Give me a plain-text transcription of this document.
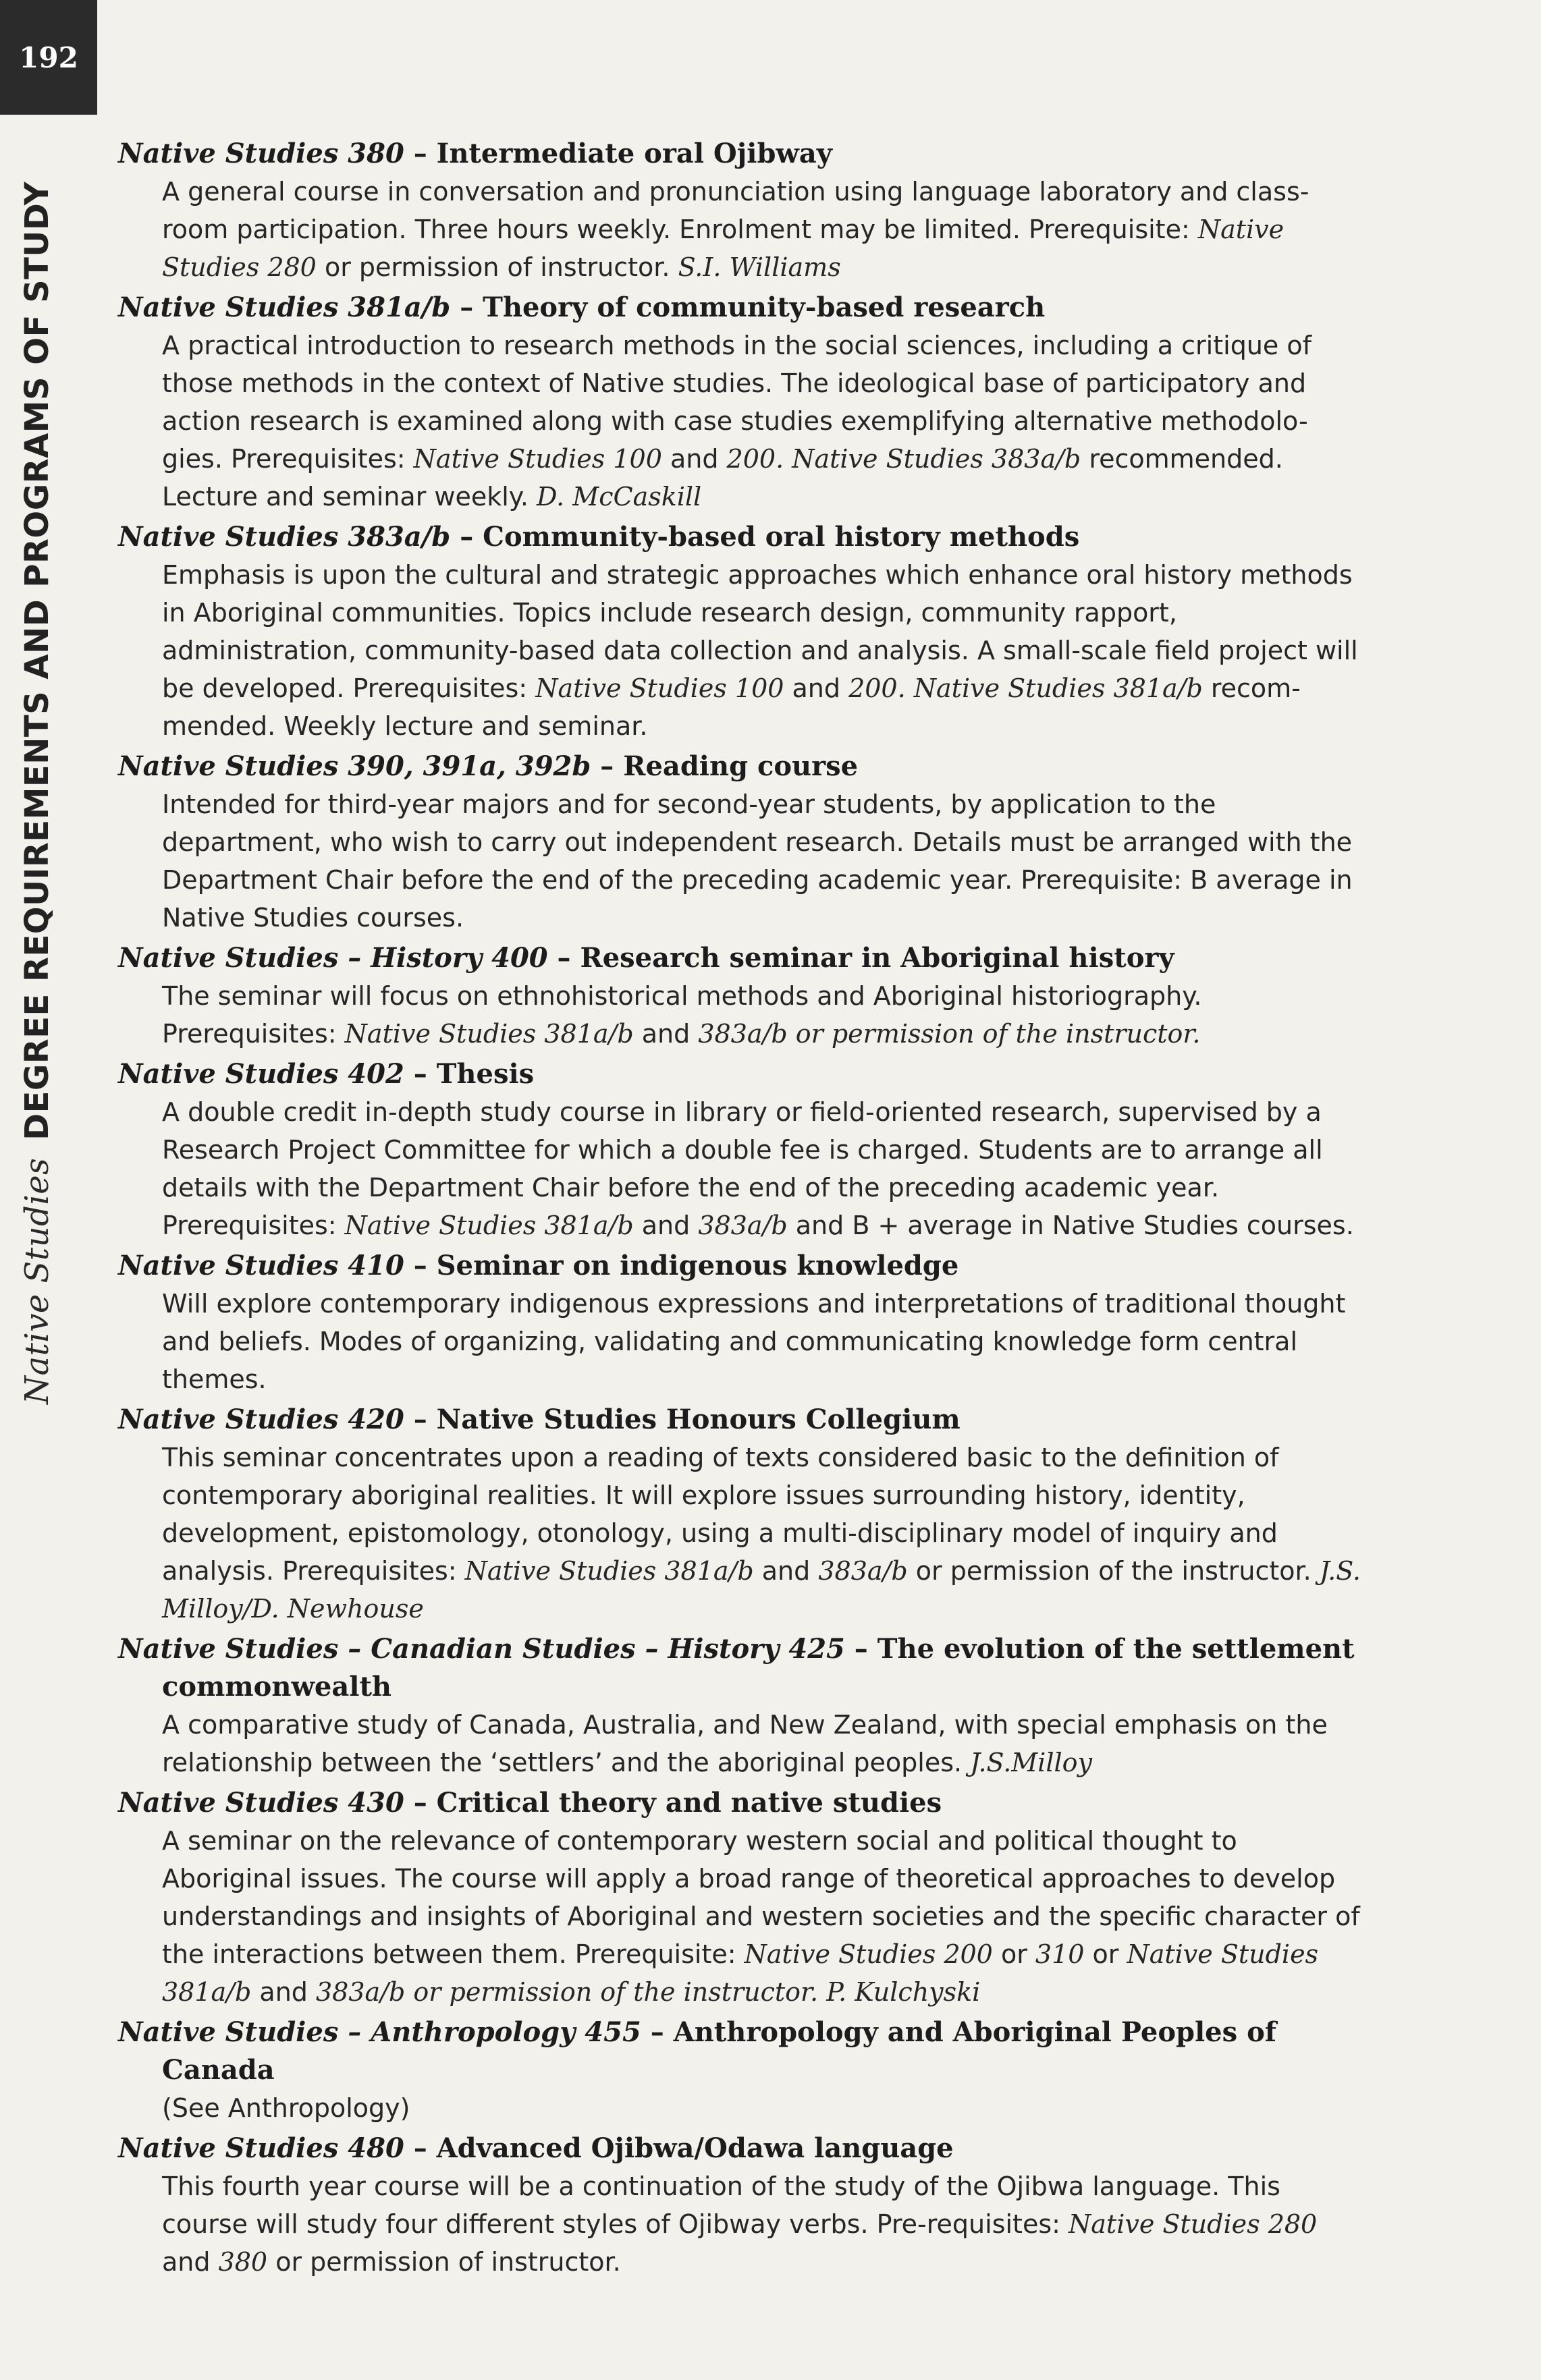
192
Native StudiesDEGREE REQUIREMENTS AND PROGRAMS OF STUDY
Native Studies 380 – Intermediate oral Ojibway
A general course in conversation and pronunciation using language laboratory and class- room participation. Three hours weekly. Enrolment may be limited. Prerequisite: Native Studies 280 or permission of instructor. S.I. Williams
Native Studies 381a/b – Theory of community-based research
A practical introduction to research methods in the social sciences, including a critique of those methods in the context of Native studies. The ideological base of participatory and action research is examined along with case studies exemplifying alternative methodolo- gies. Prerequisites: Native Studies 100 and 200. Native Studies 383a/b recommended. Lecture and seminar weekly. D. McCaskill
Native Studies 383a/b – Community-based oral history methods
Emphasis is upon the cultural and strategic approaches which enhance oral history methods in Aboriginal communities. Topics include research design, community rapport, administration, community-based data collection and analysis. A small-scale field project will be developed. Prerequisites: Native Studies 100 and 200. Native Studies 381a/b recom- mended. Weekly lecture and seminar.
Native Studies 390, 391a, 392b – Reading course
Intended for third-year majors and for second-year students, by application to the department, who wish to carry out independent research. Details must be arranged with the Department Chair before the end of the preceding academic year. Prerequisite: B average in Native Studies courses.
Native Studies – History 400 – Research seminar in Aboriginal history
The seminar will focus on ethnohistorical methods and Aboriginal historiography. Prerequisites: Native Studies 381a/b and 383a/b or permission of the instructor.
Native Studies 402 – Thesis
A double credit in-depth study course in library or field-oriented research, supervised by a Research Project Committee for which a double fee is charged. Students are to arrange all details with the Department Chair before the end of the preceding academic year. Prerequisites: Native Studies 381a/b and 383a/b and B + average in Native Studies courses.
Native Studies 410 – Seminar on indigenous knowledge
Will explore contemporary indigenous expressions and interpretations of traditional thought and beliefs. Modes of organizing, validating and communicating knowledge form central themes.
Native Studies 420 – Native Studies Honours Collegium
This seminar concentrates upon a reading of texts considered basic to the definition of contemporary aboriginal realities. It will explore issues surrounding history, identity, development, epistomology, otonology, using a multi-disciplinary model of inquiry and analysis. Prerequisites: Native Studies 381a/b and 383a/b or permission of the instructor. J.S. Milloy/D. Newhouse
Native Studies – Canadian Studies – History 425 – The evolution of the settlement commonwealth
A comparative study of Canada, Australia, and New Zealand, with special emphasis on the relationship between the ‘settlers’ and the aboriginal peoples. J.S.Milloy
Native Studies 430 – Critical theory and native studies
A seminar on the relevance of contemporary western social and political thought to Aboriginal issues. The course will apply a broad range of theoretical approaches to develop understandings and insights of Aboriginal and western societies and the specific character of the interactions between them. Prerequisite: Native Studies 200 or 310 or Native Studies 381a/b and 383a/b or permission of the instructor. P. Kulchyski
Native Studies – Anthropology 455 – Anthropology and Aboriginal Peoples of Canada
(See Anthropology)
Native Studies 480 – Advanced Ojibwa/Odawa language
This fourth year course will be a continuation of the study of the Ojibwa language. This course will study four different styles of Ojibway verbs. Pre-requisites: Native Studies 280 and 380 or permission of instructor.
